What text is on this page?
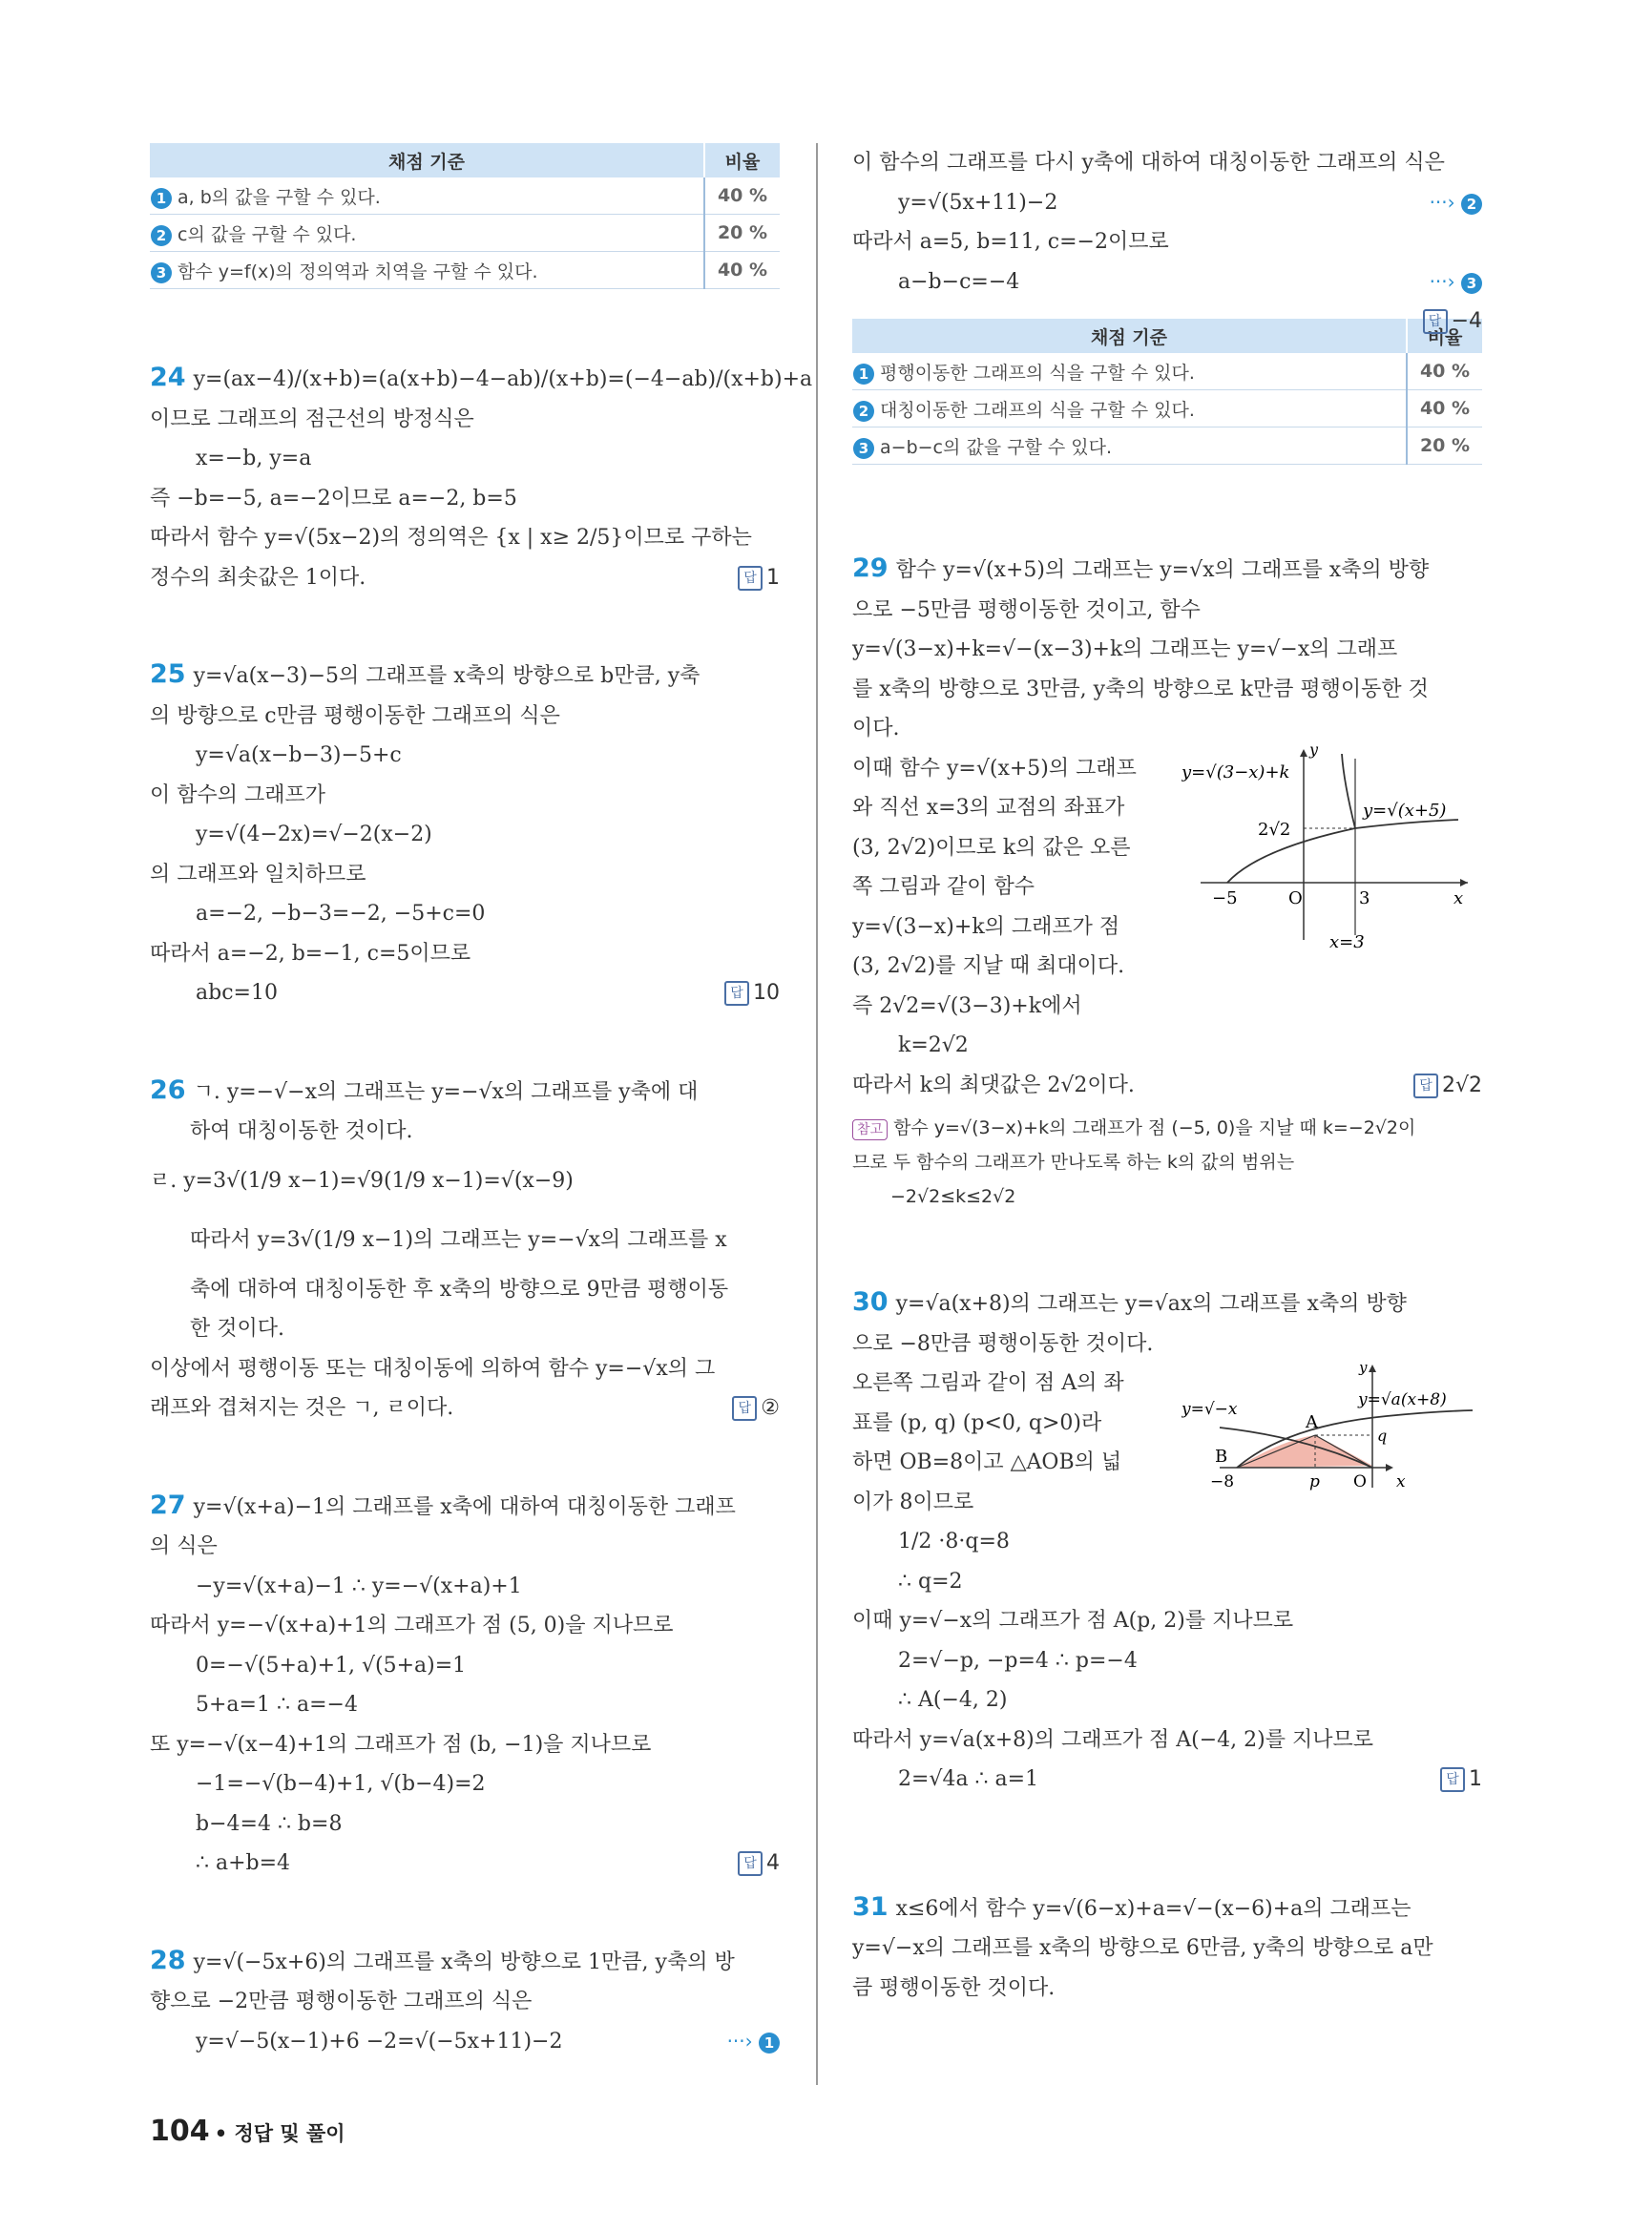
채점 기준	비율
1 a, b의 값을 구할 수 있다.	40 %
2 c의 값을 구할 수 있다.	20 %
3 함수 y=f(x)의 정의역과 치역을 구할 수 있다.	40 %
24 y=(ax−4)/(x+b)=(a(x+b)−4−ab)/(x+b)=(−4−ab)/(x+b)+a
이므로 그래프의 점근선의 방정식은
x=−b, y=a
즉 −b=−5, a=−2이므로 a=−2, b=5
따라서 함수 y=√(5x−2)의 정의역은 {x | x≥ 2/5}이므로 구하는
정수의 최솟값은 1이다.	답 1
25 y=√a(x−3)−5의 그래프를 x축의 방향으로 b만큼, y축
의 방향으로 c만큼 평행이동한 그래프의 식은
y=√a(x−b−3)−5+c
이 함수의 그래프가
y=√(4−2x)=√−2(x−2)
의 그래프와 일치하므로
a=−2, −b−3=−2, −5+c=0
따라서 a=−2, b=−1, c=5이므로
abc=10	답 10
26 ㄱ. y=−√−x의 그래프는 y=−√x의 그래프를 y축에 대
하여 대칭이동한 것이다.
ㄹ. y=3√(1/9 x−1)=√9(1/9 x−1)=√(x−9)
따라서 y=3√(1/9 x−1)의 그래프는 y=−√x의 그래프를 x
축에 대하여 대칭이동한 후 x축의 방향으로 9만큼 평행이동
한 것이다.
이상에서 평행이동 또는 대칭이동에 의하여 함수 y=−√x의 그
래프와 겹쳐지는 것은 ㄱ, ㄹ이다.	답 ②
27 y=√(x+a)−1의 그래프를 x축에 대하여 대칭이동한 그래프
의 식은
−y=√(x+a)−1 ∴ y=−√(x+a)+1
따라서 y=−√(x+a)+1의 그래프가 점 (5, 0)을 지나므로
0=−√(5+a)+1, √(5+a)=1
5+a=1 ∴ a=−4
또 y=−√(x−4)+1의 그래프가 점 (b, −1)을 지나므로
−1=−√(b−4)+1, √(b−4)=2
b−4=4 ∴ b=8
∴ a+b=4	답 4
28 y=√(−5x+6)의 그래프를 x축의 방향으로 1만큼, y축의 방
향으로 −2만큼 평행이동한 그래프의 식은
y=√−5(x−1)+6 −2=√(−5x+11)−2	···› 1
이 함수의 그래프를 다시 y축에 대하여 대칭이동한 그래프의 식은
y=√(5x+11)−2	···› 2
따라서 a=5, b=11, c=−2이므로
a−b−c=−4	···› 3
답 −4
채점 기준	비율
1 평행이동한 그래프의 식을 구할 수 있다.	40 %
2 대칭이동한 그래프의 식을 구할 수 있다.	40 %
3 a−b−c의 값을 구할 수 있다.	20 %
29 함수 y=√(x+5)의 그래프는 y=√x의 그래프를 x축의 방향
으로 −5만큼 평행이동한 것이고, 함수
y=√(3−x)+k=√−(x−3)+k의 그래프는 y=√−x의 그래프
를 x축의 방향으로 3만큼, y축의 방향으로 k만큼 평행이동한 것
이다.
이때 함수 y=√(x+5)의 그래프
와 직선 x=3의 교점의 좌표가
(3, 2√2)이므로 k의 값은 오른
쪽 그림과 같이 함수
y=√(3−x)+k의 그래프가 점
(3, 2√2)를 지날 때 최대이다.
즉 2√2=√(3−3)+k에서
k=2√2
따라서 k의 최댓값은 2√2이다.	답 2√2
y=√(3−x)+k
y=√(x+5)
2√2
−5	O	3	x
y
x=3
참고 함수 y=√(3−x)+k의 그래프가 점 (−5, 0)을 지날 때 k=−2√2이
므로 두 함수의 그래프가 만나도록 하는 k의 값의 범위는
−2√2≤k≤2√2
30 y=√a(x+8)의 그래프는 y=√ax의 그래프를 x축의 방향
으로 −8만큼 평행이동한 것이다.
오른쪽 그림과 같이 점 A의 좌
표를 (p, q) (p<0, q>0)라
하면 OB=8이고 △AOB의 넓
이가 8이므로
1/2 ·8·q=8
∴ q=2
이때 y=√−x의 그래프가 점 A(p, 2)를 지나므로
2=√−p, −p=4 ∴ p=−4
∴ A(−4, 2)
따라서 y=√a(x+8)의 그래프가 점 A(−4, 2)를 지나므로
2=√4a ∴ a=1	답 1
y=√−x	y=√a(x+8)
A
B
q
−8	p O x
y
31 x≤6에서 함수 y=√(6−x)+a=√−(x−6)+a의 그래프는
y=√−x의 그래프를 x축의 방향으로 6만큼, y축의 방향으로 a만
큼 평행이동한 것이다.
104 • 정답 및 풀이
